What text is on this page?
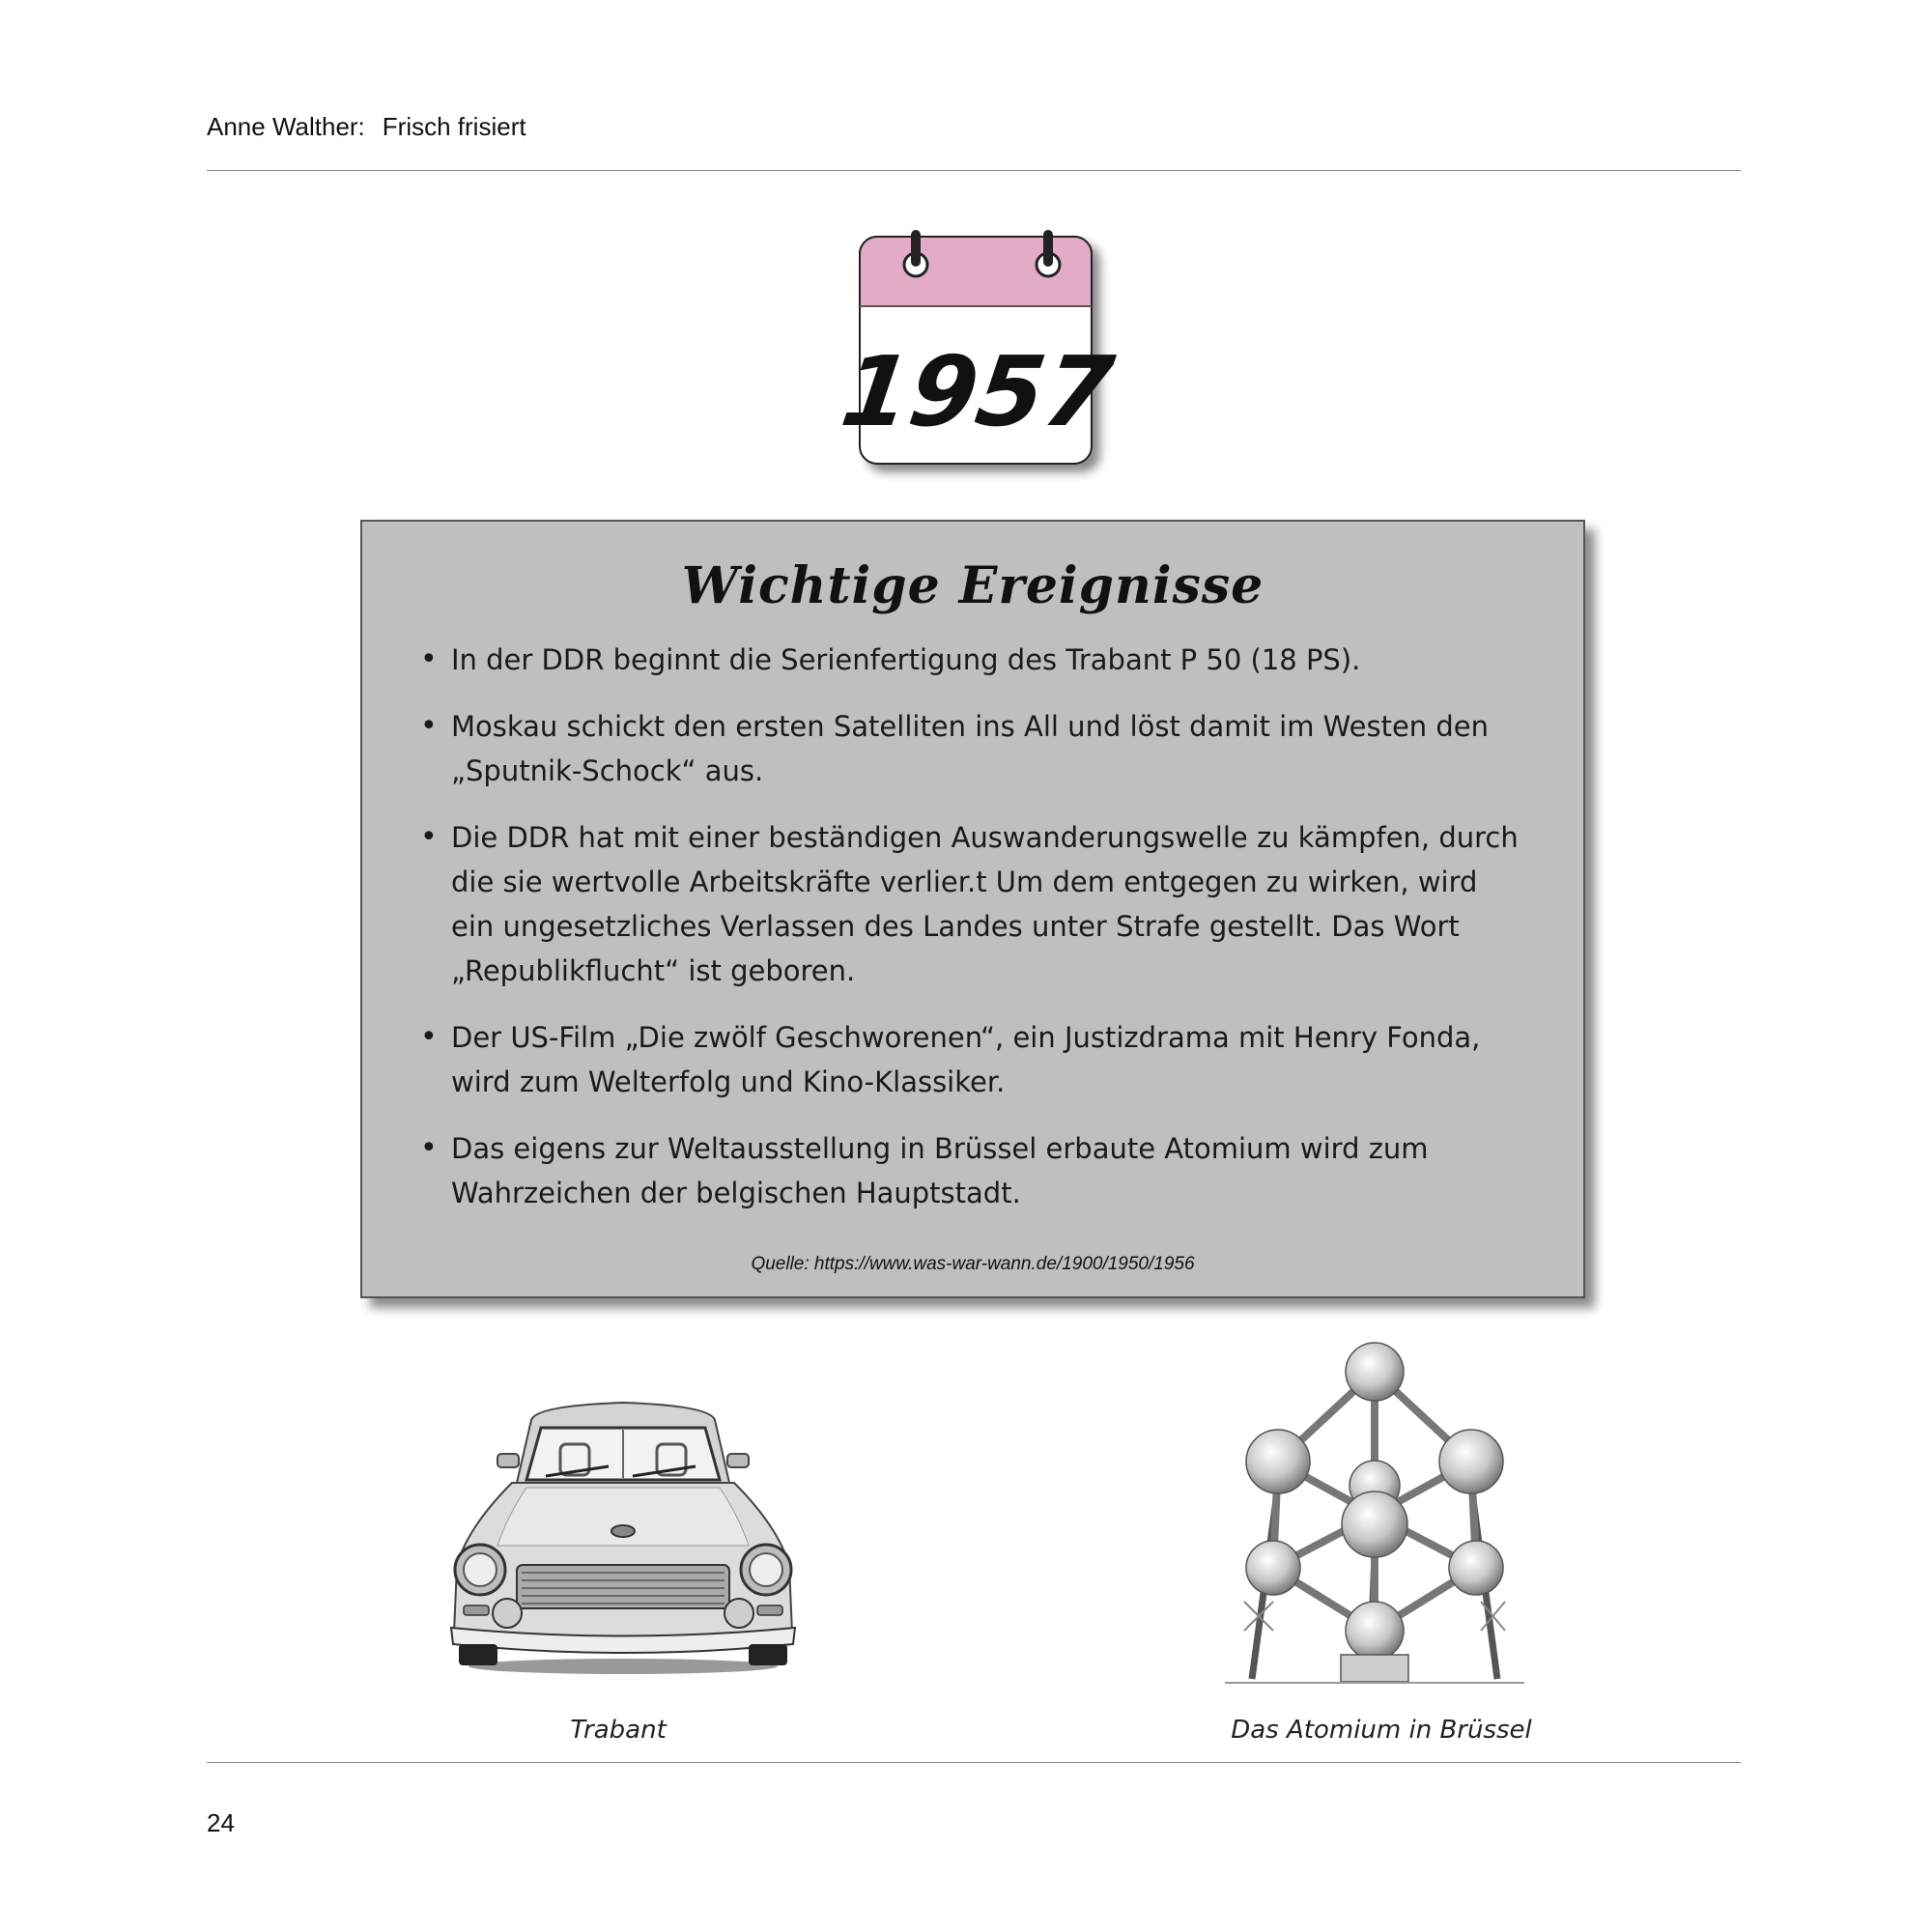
Anne Walther: Frisch frisiert
1957
Wichtige Ereignisse
• In der DDR beginnt die Serienfertigung des Trabant P 50 (18 PS).
• Moskau schickt den ersten Satelliten ins All und löst damit im Westen den „Sputnik-Schock“ aus.
• Die DDR hat mit einer beständigen Auswanderungswelle zu kämpfen, durch die sie wertvolle Arbeitskräfte verlier.t Um dem entgegen zu wirken, wird ein ungesetzliches Verlassen des Landes unter Strafe gestellt. Das Wort „Republikflucht“ ist geboren.
• Der US-Film „Die zwölf Geschworenen“, ein Justizdrama mit Henry Fonda, wird zum Welterfolg und Kino-Klassiker.
• Das eigens zur Weltausstellung in Brüssel erbaute Atomium wird zum Wahrzeichen der belgischen Hauptstadt.
Quelle: https://www.was-war-wann.de/1900/1950/1956
Trabant	Das Atomium in Brüssel
24
